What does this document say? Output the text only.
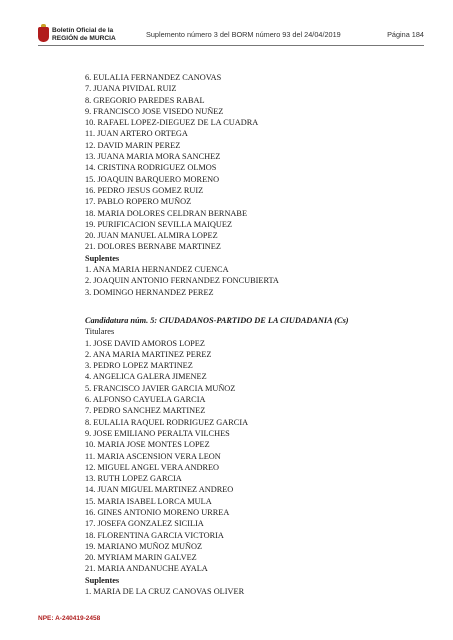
Boletín Oficial de la
REGIÓN de MURCIA	Suplemento número 3 del BORM número 93 del 24/04/2019	Página 184
6. EULALIA FERNANDEZ CANOVAS
7. JUANA PIVIDAL RUIZ
8. GREGORIO PAREDES RABAL
9. FRANCISCO JOSE VISEDO NUÑEZ
10. RAFAEL LOPEZ-DIEGUEZ DE LA CUADRA
11. JUAN ARTERO ORTEGA
12. DAVID MARIN PEREZ
13. JUANA MARIA MORA SANCHEZ
14. CRISTINA RODRIGUEZ OLMOS
15. JOAQUIN BARQUERO MORENO
16. PEDRO JESUS GOMEZ RUIZ
17. PABLO ROPERO MUÑOZ
18. MARIA DOLORES CELDRAN BERNABE
19. PURIFICACION SEVILLA MAIQUEZ
20. JUAN MANUEL ALMIRA LOPEZ
21. DOLORES BERNABE MARTINEZ
Suplentes
1. ANA MARIA HERNANDEZ CUENCA
2. JOAQUIN ANTONIO FERNANDEZ FONCUBIERTA
3. DOMINGO HERNANDEZ PEREZ
Candidatura núm. 5: CIUDADANOS-PARTIDO DE LA CIUDADANIA (Cs)
Titulares
1. JOSE DAVID AMOROS LOPEZ
2. ANA MARIA MARTINEZ PEREZ
3. PEDRO LOPEZ MARTINEZ
4. ANGELICA GALERA JIMENEZ
5. FRANCISCO JAVIER GARCIA MUÑOZ
6. ALFONSO CAYUELA GARCIA
7. PEDRO SANCHEZ MARTINEZ
8. EULALIA RAQUEL RODRIGUEZ GARCIA
9. JOSE EMILIANO PERALTA VILCHES
10. MARIA JOSE MONTES LOPEZ
11. MARIA ASCENSION VERA LEON
12. MIGUEL ANGEL VERA ANDREO
13. RUTH LOPEZ GARCIA
14. JUAN MIGUEL MARTINEZ ANDREO
15. MARIA ISABEL LORCA MULA
16. GINES ANTONIO MORENO URREA
17. JOSEFA GONZALEZ SICILIA
18. FLORENTINA GARCIA VICTORIA
19. MARIANO MUÑOZ MUÑOZ
20. MYRIAM MARIN GALVEZ
21. MARIA ANDANUCHE AYALA
Suplentes
1. MARIA DE LA CRUZ CANOVAS OLIVER
NPE: A-240419-2458
